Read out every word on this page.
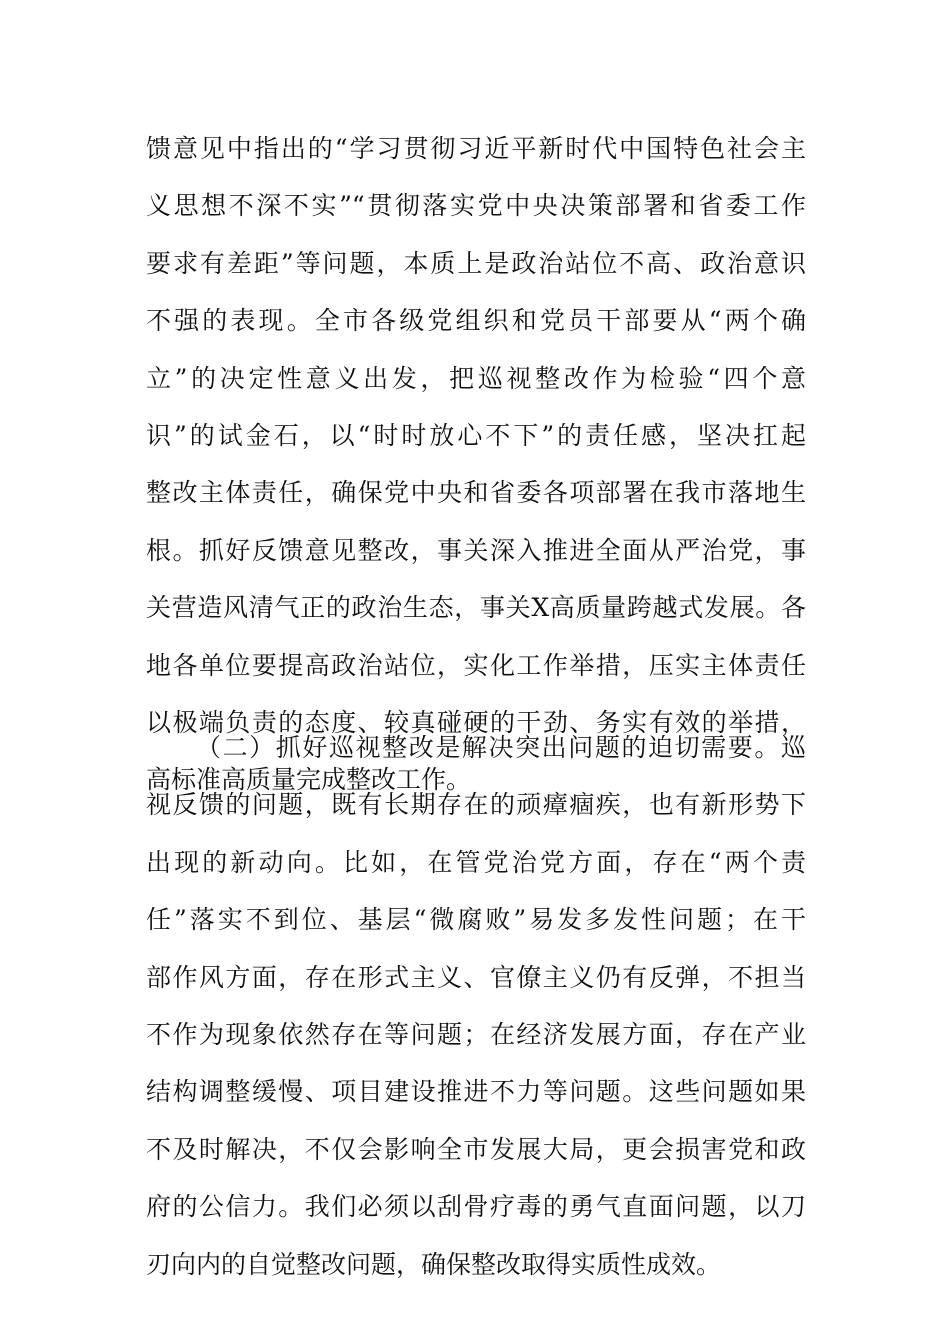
馈意见中指出的“学习贯彻习近平新时代中国特色社会主
义思想不深不实”“贯彻落实党中央决策部署和省委工作
要求有差距”等问题，本质上是政治站位不高、政治意识
不强的表现。全市各级党组织和党员干部要从“两个确
立”的决定性意义出发，把巡视整改作为检验“四个意
识”的试金石，以“时时放心不下”的责任感，坚决扛起
整改主体责任，确保党中央和省委各项部署在我市落地生
根。抓好反馈意见整改，事关深入推进全面从严治党，事
关营造风清气正的政治生态，事关X高质量跨越式发展。各
地各单位要提高政治站位，实化工作举措，压实主体责任
以极端负责的态度、较真碰硬的干劲、务实有效的举措，
高标准高质量完成整改工作。
（二）抓好巡视整改是解决突出问题的迫切需要。巡
视反馈的问题，既有长期存在的顽瘴痼疾，也有新形势下
出现的新动向。比如，在管党治党方面，存在“两个责
任”落实不到位、基层“微腐败”易发多发性问题；在干
部作风方面，存在形式主义、官僚主义仍有反弹，不担当
不作为现象依然存在等问题；在经济发展方面，存在产业
结构调整缓慢、项目建设推进不力等问题。这些问题如果
不及时解决，不仅会影响全市发展大局，更会损害党和政
府的公信力。我们必须以刮骨疗毒的勇气直面问题，以刀
刃向内的自觉整改问题，确保整改取得实质性成效。
